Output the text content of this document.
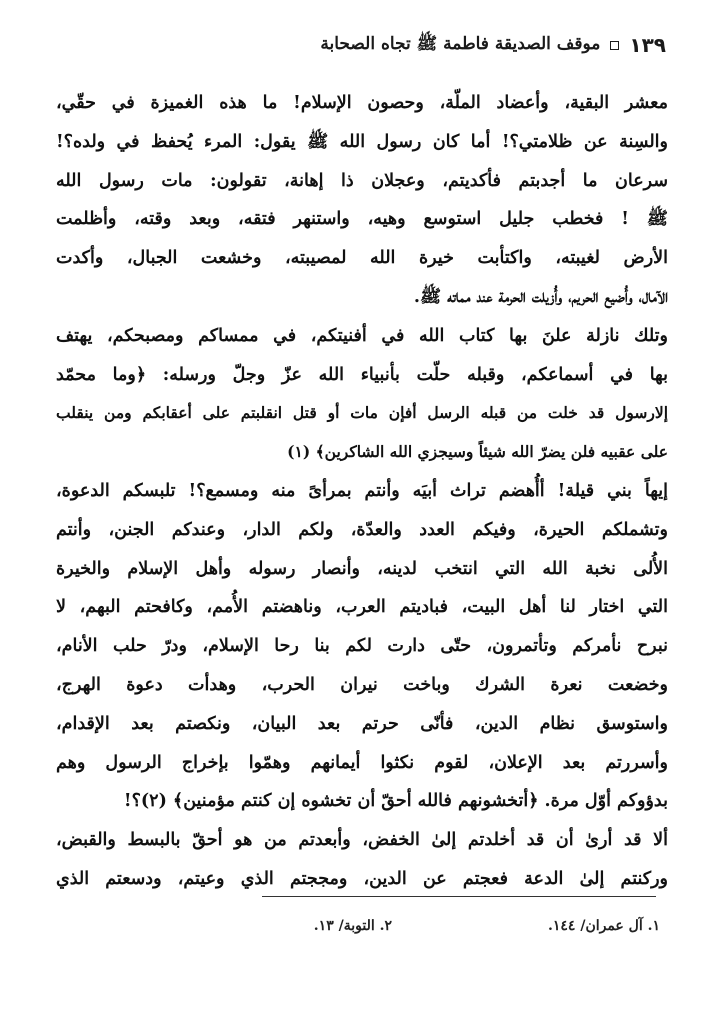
١٣٩
موقف الصديقة فاطمة ﷺ تجاه الصحابة
معشر البقية، وأعضاد الملّة، وحصون الإسلام! ما هذه الغميزة في حقّي،
والسِنة عن ظلامتي؟! أما كان رسول الله ﷺ يقول: المرء يُحفظ في ولده؟!
سرعان ما أجدبتم فأكديتم، وعجلان ذا إهانة، تقولون: مات رسول الله
ﷺ ! فخطب جليل استوسع وهيه، واستنهر فتقه، وبعد وقته، وأظلمت
الأرض لغيبته، واكتأبت خيرة الله لمصيبته، وخشعت الجبال، وأكدت
الآمال، وأُضيع الحريم، وأُزيلت الحرمة عند مماته ﷺ.
وتلك نازلة علنَ بها كتاب الله في أفنيتكم، في ممساكم ومصبحكم، يهتف
بها في أسماعكم، وقبله حلّت بأنبياء الله عزّ وجلّ ورسله: ﴿وما محمّد
إلارسول قد خلت من قبله الرسل أفإن مات أو قتل انقلبتم على أعقابكم ومن ينقلب
على عقبيه فلن يضرّ الله شيئاً وسيجزي الله الشاكرين﴾ (١)
إيهاً بني قيلة! أأُهضم تراث أبيَه وأنتم بمرأىً منه ومسمع؟! تلبسكم الدعوة،
وتشملكم الحيرة، وفيكم العدد والعدّة، ولكم الدار، وعندكم الجنن، وأنتم
الأُلى نخبة الله التي انتخب لدينه، وأنصار رسوله وأهل الإسلام والخيرة
التي اختار لنا أهل البيت، فباديتم العرب، وناهضتم الأُمم، وكافحتم البهم، لا
نبرح نأمركم وتأتمرون، حتّى دارت لكم بنا رحا الإسلام، ودرّ حلب الأنام،
وخضعت نعرة الشرك وباخت نيران الحرب، وهدأت دعوة الهرج،
واستوسق نظام الدين، فأنّى حرتم بعد البيان، ونكصتم بعد الإقدام،
وأسررتم بعد الإعلان، لقوم نكثوا أيمانهم وهمّوا بإخراج الرسول وهم
بدؤوكم أوّل مرة. ﴿أتخشونهم فالله أحقّ أن تخشوه إن كنتم مؤمنين﴾ (٢)؟!
ألا قد أرىٰ أن قد أخلدتم إلىٰ الخفض، وأبعدتم من هو أحقّ بالبسط والقبض،
وركنتم إلىٰ الدعة فعجتم عن الدين، ومججتم الذي وعيتم، ودسعتم الذي
١. آل عمران/ ١٤٤.
٢. التوبة/ ١٣.
